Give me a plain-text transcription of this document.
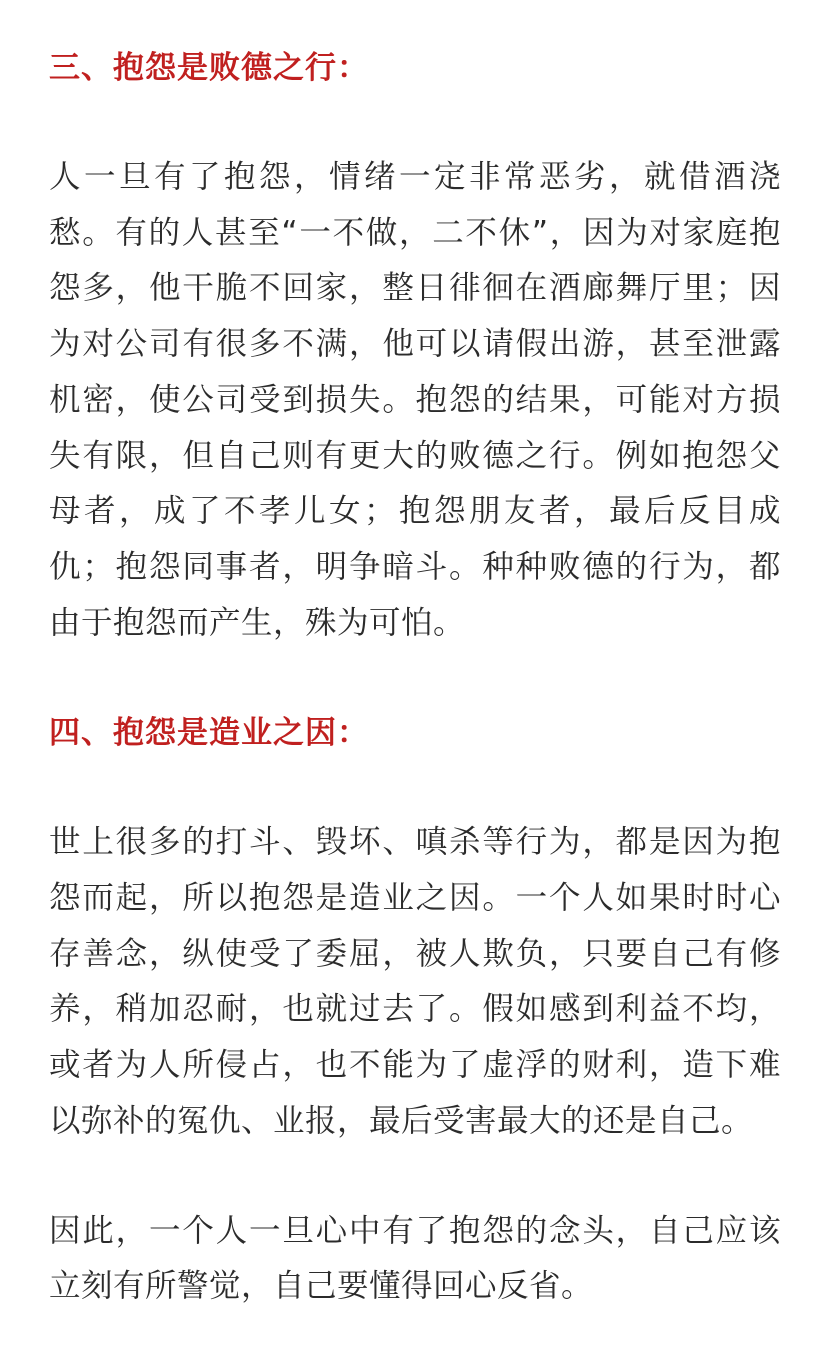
三、抱怨是败德之行：

人一旦有了抱怨，情绪一定非常恶劣，就借酒浇愁。有的人甚至“一不做，二不休”，因为对家庭抱怨多，他干脆不回家，整日徘徊在酒廊舞厅里；因为对公司有很多不满，他可以请假出游，甚至泄露机密，使公司受到损失。抱怨的结果，可能对方损失有限，但自己则有更大的败德之行。例如抱怨父母者，成了不孝儿女；抱怨朋友者，最后反目成仇；抱怨同事者，明争暗斗。种种败德的行为，都由于抱怨而产生，殊为可怕。

四、抱怨是造业之因：

世上很多的打斗、毁坏、嗔杀等行为，都是因为抱怨而起，所以抱怨是造业之因。一个人如果时时心存善念，纵使受了委屈，被人欺负，只要自己有修养，稍加忍耐，也就过去了。假如感到利益不均，或者为人所侵占，也不能为了虚浮的财利，造下难以弥补的冤仇、业报，最后受害最大的还是自己。

因此，一个人一旦心中有了抱怨的念头，自己应该立刻有所警觉，自己要懂得回心反省。
